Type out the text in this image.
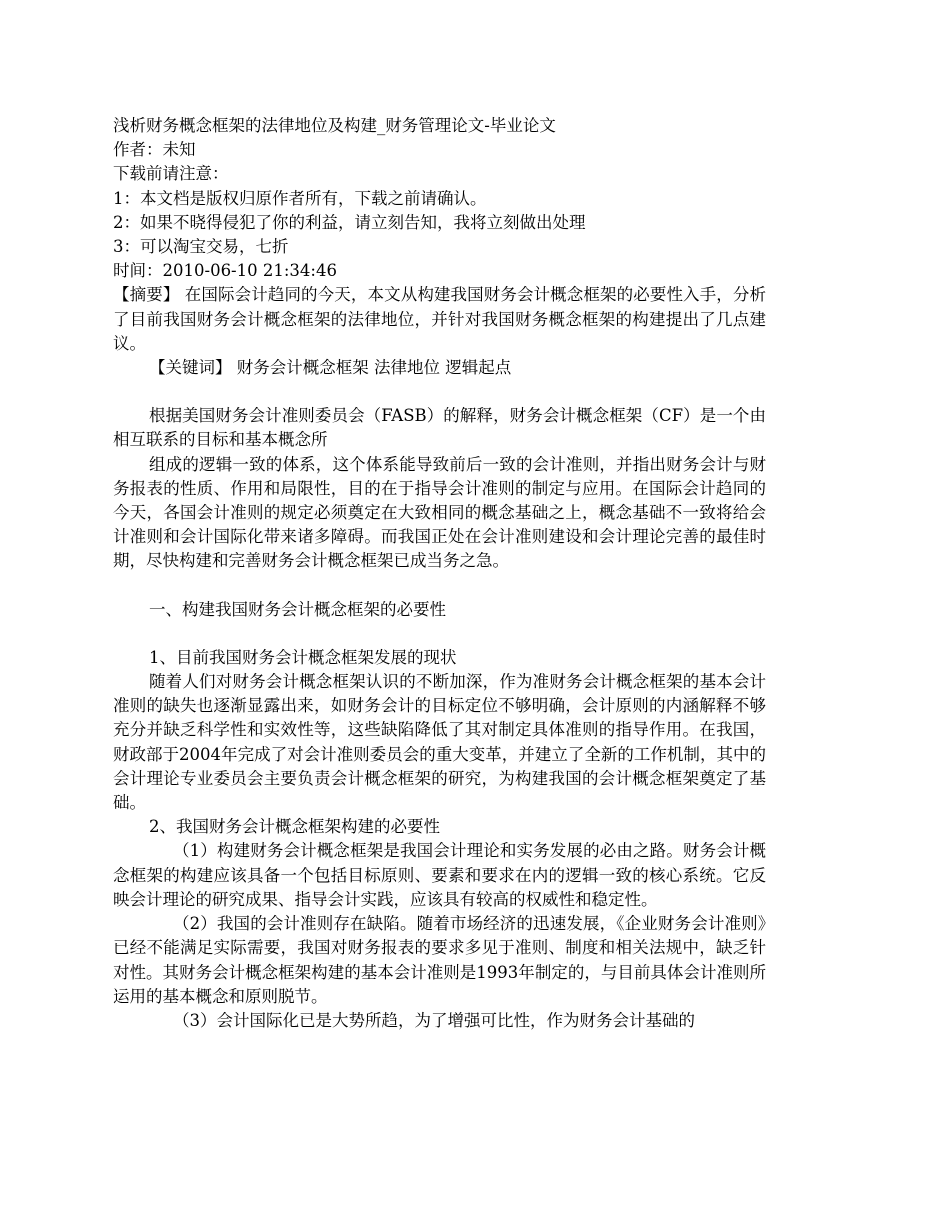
浅析财务概念框架的法律地位及构建_财务管理论文-毕业论文
作者：未知
下载前请注意：
1：本文档是版权归原作者所有，下载之前请确认。
2：如果不晓得侵犯了你的利益，请立刻告知，我将立刻做出处理
3：可以淘宝交易，七折
时间：2010-06-10 21:34:46
【摘要】 在国际会计趋同的今天，本文从构建我国财务会计概念框架的必要性入手，分析了目前我国财务会计概念框架的法律地位，并针对我国财务概念框架的构建提出了几点建议。
【关键词】 财务会计概念框架 法律地位 逻辑起点
根据美国财务会计准则委员会（FASB）的解释，财务会计概念框架（CF）是一个由相互联系的目标和基本概念所
组成的逻辑一致的体系，这个体系能导致前后一致的会计准则，并指出财务会计与财务报表的性质、作用和局限性，目的在于指导会计准则的制定与应用。在国际会计趋同的今天，各国会计准则的规定必须奠定在大致相同的概念基础之上，概念基础不一致将给会计准则和会计国际化带来诸多障碍。而我国正处在会计准则建设和会计理论完善的最佳时期，尽快构建和完善财务会计概念框架已成当务之急。
一、构建我国财务会计概念框架的必要性
1、目前我国财务会计概念框架发展的现状
随着人们对财务会计概念框架认识的不断加深，作为准财务会计概念框架的基本会计准则的缺失也逐渐显露出来，如财务会计的目标定位不够明确，会计原则的内涵解释不够充分并缺乏科学性和实效性等，这些缺陷降低了其对制定具体准则的指导作用。在我国，财政部于2004年完成了对会计准则委员会的重大变革，并建立了全新的工作机制，其中的会计理论专业委员会主要负责会计概念框架的研究，为构建我国的会计概念框架奠定了基础。
2、我国财务会计概念框架构建的必要性
（1）构建财务会计概念框架是我国会计理论和实务发展的必由之路。财务会计概念框架的构建应该具备一个包括目标原则、要素和要求在内的逻辑一致的核心系统。它反映会计理论的研究成果、指导会计实践，应该具有较高的权威性和稳定性。
（2）我国的会计准则存在缺陷。随着市场经济的迅速发展，《企业财务会计准则》已经不能满足实际需要，我国对财务报表的要求多见于准则、制度和相关法规中，缺乏针对性。其财务会计概念框架构建的基本会计准则是1993年制定的，与目前具体会计准则所运用的基本概念和原则脱节。
（3）会计国际化已是大势所趋，为了增强可比性，作为财务会计基础的
